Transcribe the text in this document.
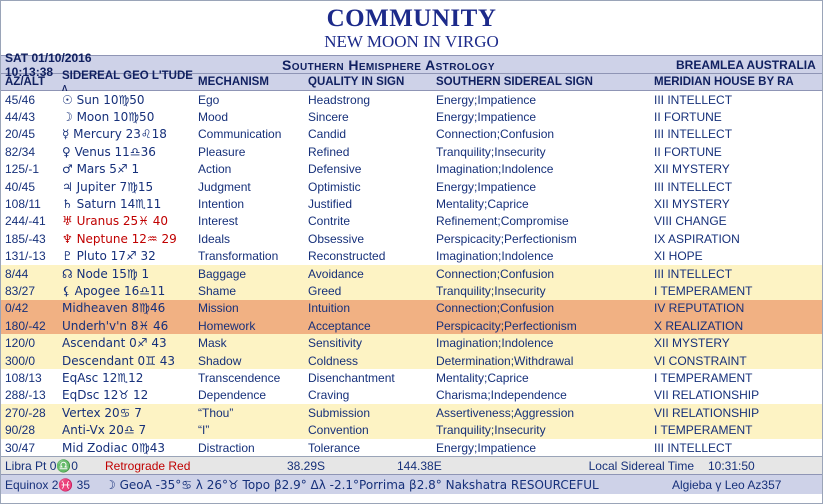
COMMUNITY
NEW MOON IN VIRGO
SAT 01/10/2016 10:13:38	Southern Hemisphere Astrology	BREAMLEA AUSTRALIA
AZ/ALT	SIDEREAL GEO L'TUDE λ	MECHANISM	QUALITY IN SIGN	SOUTHERN SIDEREAL SIGN	MERIDIAN HOUSE BY RA
45/46	☉ Sun 10♍50	Ego	Headstrong	Energy;Impatience	III INTELLECT
44/43	☽ Moon 10♍50	Mood	Sincere	Energy;Impatience	II FORTUNE
20/45	☿ Mercury 23♌18	Communication	Candid	Connection;Confusion	III INTELLECT
82/34	♀ Venus 11♎36	Pleasure	Refined	Tranquility;Insecurity	II FORTUNE
125/-1	♂ Mars 5♐ 1	Action	Defensive	Imagination;Indolence	XII MYSTERY
40/45	♃ Jupiter 7♍15	Judgment	Optimistic	Energy;Impatience	III INTELLECT
108/11	♄ Saturn 14♏11	Intention	Justified	Mentality;Caprice	XII MYSTERY
244/-41	♅ Uranus 25♓ 40	Interest	Contrite	Refinement;Compromise	VIII CHANGE
185/-43	♆ Neptune 12♒ 29	Ideals	Obsessive	Perspicacity;Perfectionism	IX ASPIRATION
131/-13	♇ Pluto 17♐ 32	Transformation	Reconstructed	Imagination;Indolence	XI HOPE
8/44	☊ Node 15♍ 1	Baggage	Avoidance	Connection;Confusion	III INTELLECT
83/27	⚸ Apogee 16♎11	Shame	Greed	Tranquility;Insecurity	I TEMPERAMENT
0/42	Midheaven 8♍46	Mission	Intuition	Connection;Confusion	IV REPUTATION
180/-42	Underh'v'n 8♓ 46	Homework	Acceptance	Perspicacity;Perfectionism	X REALIZATION
120/0	Ascendant 0♐ 43	Mask	Sensitivity	Imagination;Indolence	XII MYSTERY
300/0	Descendant 0♊ 43	Shadow	Coldness	Determination;Withdrawal	VI CONSTRAINT
108/13	EqAsc 12♏12	Transcendence	Disenchantment	Mentality;Caprice	I TEMPERAMENT
288/-13	EqDsc 12♉ 12	Dependence	Craving	Charisma;Independence	VII RELATIONSHIP
270/-28	Vertex 20♋ 7	“Thou”	Submission	Assertiveness;Aggression	VII RELATIONSHIP
90/28	Anti-Vx 20♎ 7	“I”	Convention	Tranquility;Insecurity	I TEMPERAMENT
30/47	Mid Zodiac 0♍43	Distraction	Tolerance	Energy;Impatience	III INTELLECT
Libra Pt 0♎0	Retrograde Red	38.29S	144.38E	Local Sidereal Time	10:31:50
Equinox 2♓ 35	☽ GeoA -35°♋ λ 26°♉ Topo β2.9° Δλ -2.1°Porrima β2.8° Nakshatra RESOURCEFUL	Algieba γ Leo Az357
